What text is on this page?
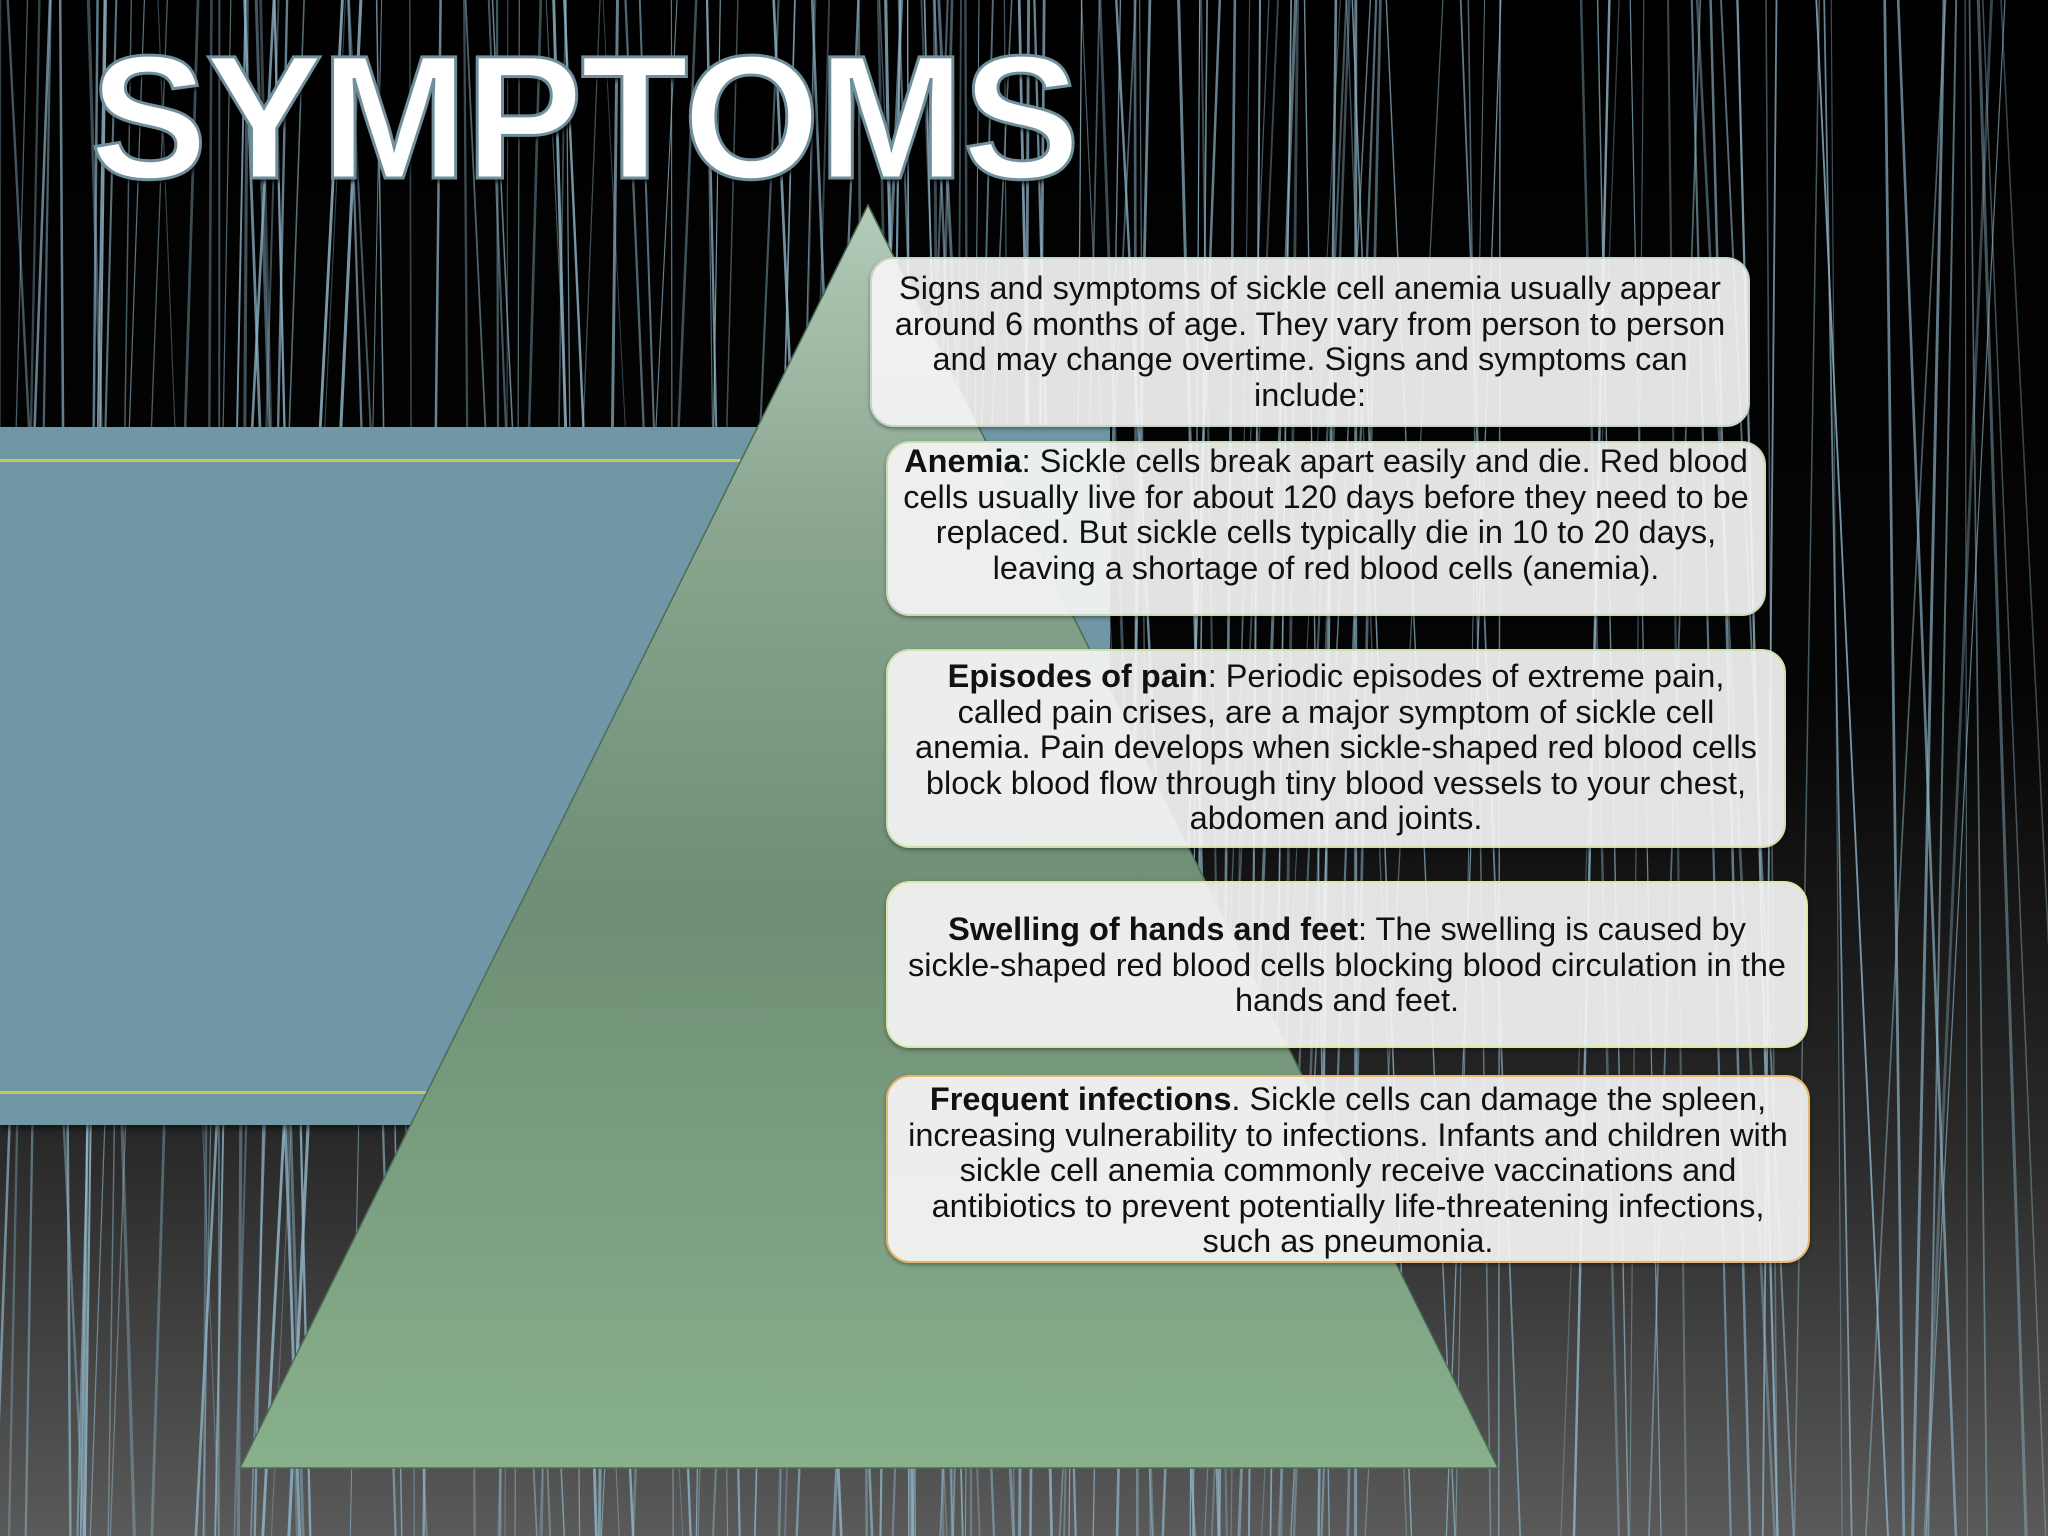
SYMPTOMS
Signs and symptoms of sickle cell anemia usually appear around 6 months of age. They vary from person to person and may change overtime. Signs and symptoms can include:
Anemia: Sickle cells break apart easily and die. Red blood cells usually live for about 120 days before they need to be replaced. But sickle cells typically die in 10 to 20 days, leaving a shortage of red blood cells (anemia).
Episodes of pain: Periodic episodes of extreme pain, called pain crises, are a major symptom of sickle cell anemia. Pain develops when sickle-shaped red blood cells block blood flow through tiny blood vessels to your chest, abdomen and joints.
Swelling of hands and feet: The swelling is caused by sickle-shaped red blood cells blocking blood circulation in the hands and feet.
Frequent infections. Sickle cells can damage the spleen, increasing vulnerability to infections. Infants and children with sickle cell anemia commonly receive vaccinations and antibiotics to prevent potentially life-threatening infections, such as pneumonia.
